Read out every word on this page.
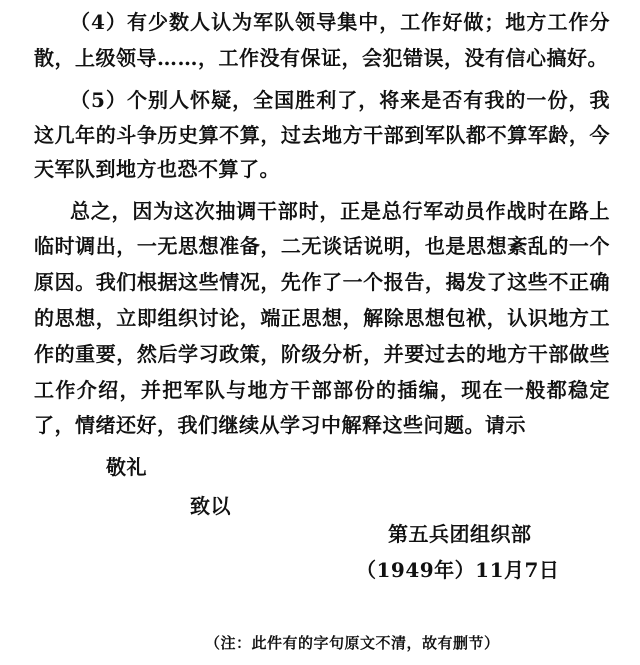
（4）有少数人认为军队领导集中，工作好做；地方工作分
散，上级领导……，工作没有保证，会犯错误，没有信心搞好。
（5）个别人怀疑，全国胜利了，将来是否有我的一份，我
这几年的斗争历史算不算，过去地方干部到军队都不算军龄，今
天军队到地方也恐不算了。
总之，因为这次抽调干部时，正是总行军动员作战时在路上
临时调出，一无思想准备，二无谈话说明，也是思想紊乱的一个
原因。我们根据这些情况，先作了一个报告，揭发了这些不正确
的思想，立即组织讨论，端正思想，解除思想包袱，认识地方工
作的重要，然后学习政策，阶级分析，并要过去的地方干部做些
工作介绍，并把军队与地方干部部份的插编，现在一般都稳定
了，情绪还好，我们继续从学习中解释这些问题。请示
敬礼
致以
第五兵团组织部
（1949年）11月7日
（注：此件有的字句原文不清，故有删节）
